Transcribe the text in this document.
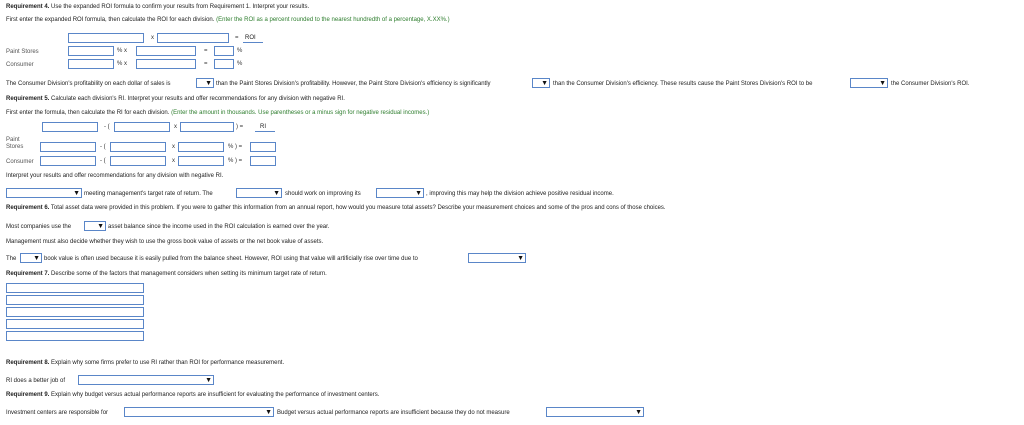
Requirement 4. Use the expanded ROI formula to confirm your results from Requirement 1. Interpret your results.
First enter the expanded ROI formula, then calculate the ROI for each division. (Enter the ROI as a percent rounded to the nearest hundredth of a percentage, X.XX%.)
x	= ROI
Paint Stores	% x	=	%
Consumer	% x	=	%
The Consumer Division's profitability on each dollar of sales is	▼ than the Paint Stores Division's profitability. However, the Paint Store Division's efficiency is significantly	▼ than the Consumer Division's efficiency. These results cause the Paint Stores Division's ROI to be	▼ the Consumer Division's ROI.
Requirement 5. Calculate each division's RI. Interpret your results and offer recommendations for any division with negative RI.
First enter the formula, then calculate the RI for each division. (Enter the amount in thousands. Use parentheses or a minus sign for negative residual incomes.)
- (	x	) =	RI
Paint
Stores	- (	x	% ) =
Consumer	- (	x	% ) =
Interpret your results and offer recommendations for any division with negative RI.
▼ meeting management's target rate of return. The	▼ should work on improving its	▼ , improving this may help the division achieve positive residual income.
Requirement 6. Total asset data were provided in this problem. If you were to gather this information from an annual report, how would you measure total assets? Describe your measurement choices and some of the pros and cons of those choices.
Most companies use the	▼ asset balance since the income used in the ROI calculation is earned over the year.
Management must also decide whether they wish to use the gross book value of assets or the net book value of assets.
The ▼ book value is often used because it is easily pulled from the balance sheet. However, ROI using that value will artificially rise over time due to	▼
Requirement 7. Describe some of the factors that management considers when setting its minimum target rate of return.
Requirement 8. Explain why some firms prefer to use RI rather than ROI for performance measurement.
RI does a better job of	▼
Requirement 9. Explain why budget versus actual performance reports are insufficient for evaluating the performance of investment centers.
Investment centers are responsible for	▼ Budget versus actual performance reports are insufficient because they do not measure	▼
